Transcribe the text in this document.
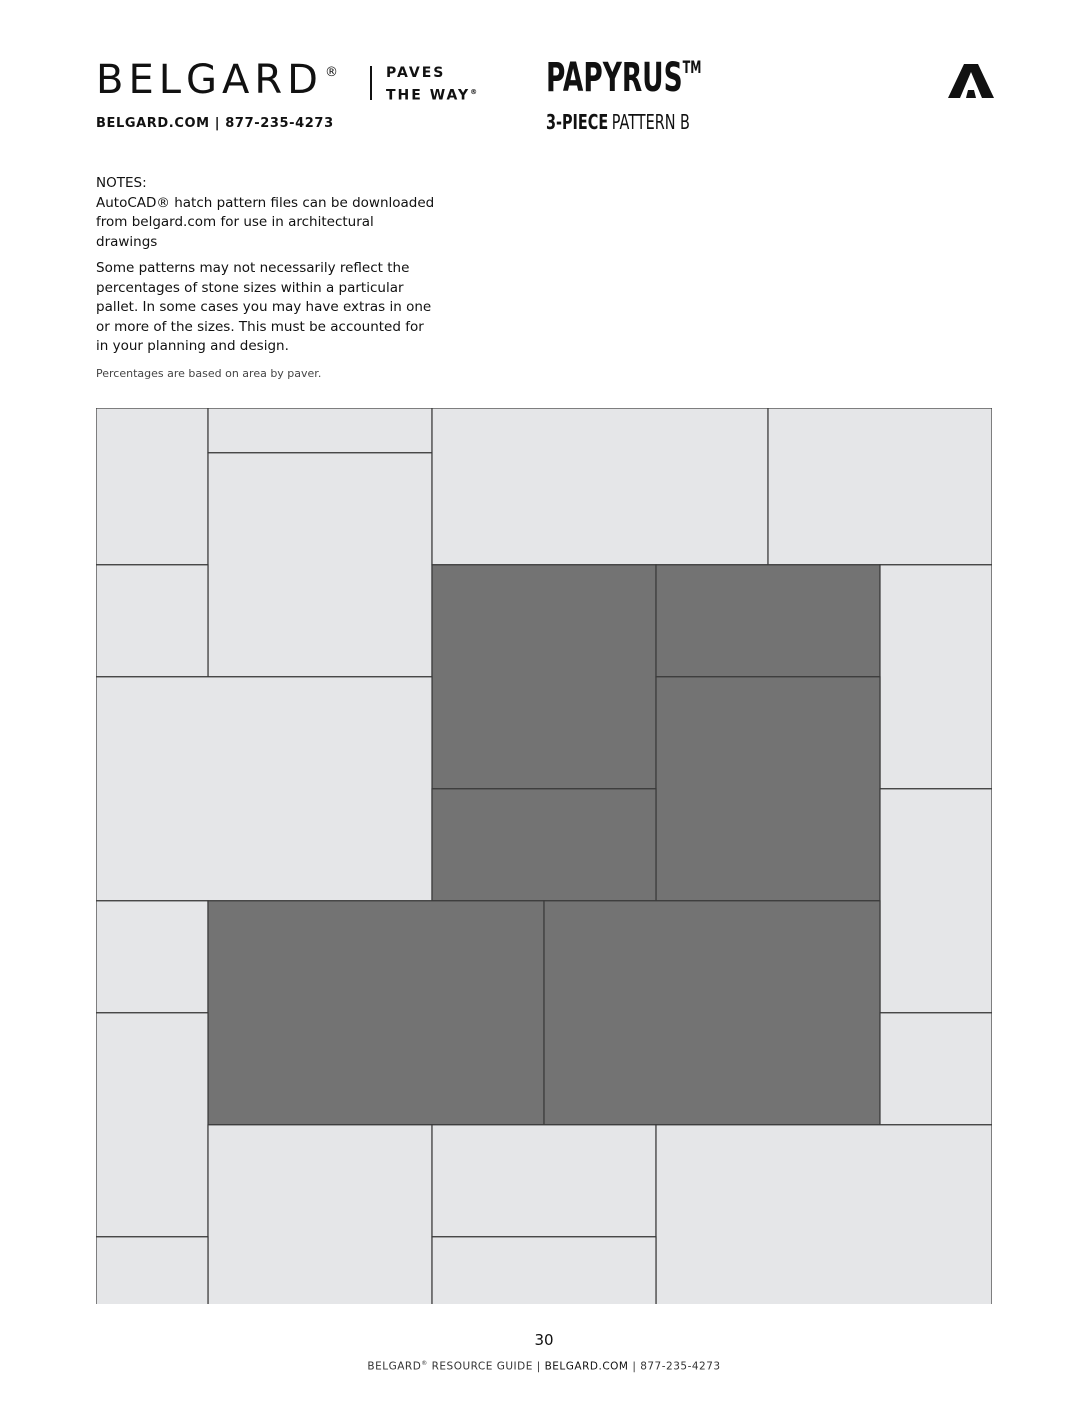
BELGARD ®	PAVES
THE WAY®
BELGARD.COM | 877-235-4273
PAPYRUS™
3-PIECE PATTERN B
NOTES:

AutoCAD® hatch pattern files can be downloaded from belgard.com for use in architectural drawings

Some patterns may not necessarily reflect the percentages of stone sizes within a particular pallet. In some cases you may have extras in one or more of the sizes. This must be accounted for in your planning and design.

Percentages are based on area by paver.

30
BELGARD® RESOURCE GUIDE | BELGARD.COM | 877-235-4273
